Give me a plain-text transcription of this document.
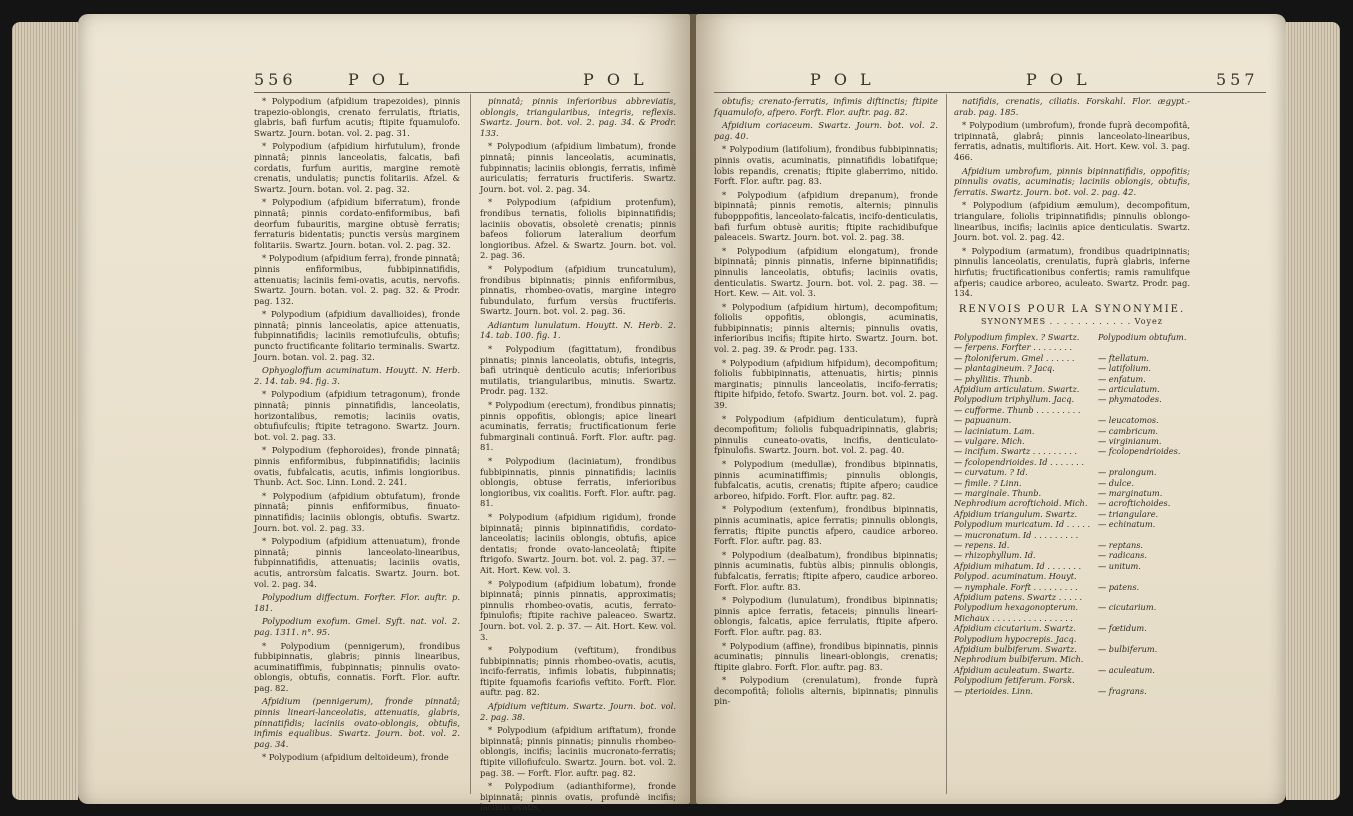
556	P O L	P O L

* Polypodium (afpidium trapezoides), pinnis trapezio-oblongis, crenato ferrulatis, ftriatis, glabris, bafi furfum acutis; ftipite fquamulofo. Swartz. Journ. botan. vol. 2. pag. 31.

* Polypodium (afpidium hirfutulum), fronde pinnatâ; pinnis lanceolatis, falcatis, bafi cordatis, furfum auritis, margine remotè crenatis, undulatis; punctis folitariis. Afzel. & Swartz. Journ. botan. vol. 2. pag. 32.

* Polypodium (afpidium biferratum), fronde pinnatâ; pinnis cordato-enfiformibus, bafi deorfum fubauritis, margine obtusè ferratis; ferraturis bidentatis; punctis versùs marginem folitariis. Swartz. Journ. botan. vol. 2. pag. 32.

* Polypodium (afpidium ferra), fronde pinnatâ; pinnis enfiformibus, fubbipinnatifidis, attenuatis; laciniis femi-ovatis, acutis, nervofis. Swartz. Journ. botan. vol. 2. pag. 32. & Prodr. pag. 132.

* Polypodium (afpidium davallioides), fronde pinnatâ; pinnis lanceolatis, apice attenuatis, fubpinnatifidis; laciniis remotiufculis, obtufis; puncto fructificante folitario terminalis. Swartz. Journ. botan. vol. 2. pag. 32.

Ophyogloffum acuminatum. Houytt. N. Herb. 2. 14. tab. 94. fig. 3.

* Polypodium (afpidium tetragonum), fronde pinnatâ; pinnis pinnatifidis, lanceolatis, horizontalibus, remotis; laciniis ovatis, obtufiufculis; ftipite tetragono. Swartz. Journ. bot. vol. 2. pag. 33.

* Polypodium (fephoroides), fronde pinnatâ; pinnis enfiformibus, fubpinnatifidis; laciniis ovatis, fubfalcatis, acutis, infimis longioribus. Thunb. Act. Soc. Linn. Lond. 2. 241.

* Polypodium (afpidium obtufatum), fronde pinnatâ; pinnis enfiformibus, finuato-pinnatifidis; laciniis oblongis, obtufis. Swartz. Journ. bot. vol. 2. pag. 33.

* Polypodium (afpidium attenuatum), fronde pinnatâ; pinnis lanceolato-linearibus, fubpinnatifidis, attenuatis; laciniis ovatis, acutis, antrorsùm falcatis. Swartz. Journ. bot. vol. 2. pag. 34.

Polypodium diffectum. Forfter. Flor. auftr. p. 181.

Polypodium exofum. Gmel. Syft. nat. vol. 2. pag. 1311. n°. 95.

* Polypodium (pennigerum), frondibus fubbipinnatis, glabris; pinnis linearibus, acuminatiffimis, fubpinnatis; pinnulis ovato-oblongis, obtufis, connatis. Forft. Flor. auftr. pag. 82.

Afpidium (pennigerum), fronde pinnatâ; pinnis lineari-lanceolatis, attenuatis, glabris, pinnatifidis; laciniis ovato-oblongis, obtufis, infimis equalibus. Swartz. Journ. bot. vol. 2. pag. 34.

* Polypodium (afpidium deltoideum), fronde

pinnatâ; pinnis inferioribus abbreviatis, oblongis, triangularibus, integris, reflexis. Swartz. Journ. bot. vol. 2. pag. 34. & Prodr. 133.

* Polypodium (afpidium limbatum), fronde pinnatâ; pinnis lanceolatis, acuminatis, fubpinnatis; laciniis oblongis, ferratis, infimè auriculatis; ferraturis fructiferis. Swartz. Journ. bot. vol. 2. pag. 34.

* Polypodium (afpidium protenfum), frondibus ternatis, foliolis bipinnatifidis; laciniis obovatis, obsoletè crenatis; pinnis bafeos foliorum lateralium deorfum longioribus. Afzel. & Swartz. Journ. bot. vol. 2. pag. 36.

* Polypodium (afpidium truncatulum), frondibus bipinnatis; pinnis enfiformibus, pinnatis, rhombeo-ovatis, margine integro fubundulato, furfum versùs fructiferis. Swartz. Journ. bot. vol. 2. pag. 36.

Adiantum lunulatum. Houytt. N. Herb. 2. 14. tab. 100. fig. 1.

* Polypodium (fagittatum), frondibus pinnatis; pinnis lanceolatis, obtufis, integris, bafi utrinquè denticulo acutis; inferioribus mutilatis, triangularibus, minutis. Swartz. Prodr. pag. 132.

* Polypodium (erectum), frondibus pinnatis; pinnis oppofitis, oblongis; apice lineari acuminatis, ferratis; fructificationum ferie fubmarginali continuâ. Forft. Flor. auftr. pag. 81.

* Polypodium (laciniatum), frondibus fubbipinnatis, pinnis pinnatifidis; laciniis oblongis, obtuse ferratis, inferioribus longioribus, vix coalitis. Forft. Flor. auftr. pag. 81.

* Polypodium (afpidium rigidum), fronde bipinnatâ; pinnis bipinnatifidis, cordato-lanceolatis; laciniis oblongis, obtufis, apice dentatis; fronde ovato-lanceolatâ; ftipite ftrigofo. Swartz. Journ. bot. vol. 2. pag. 37. — Ait. Hort. Kew. vol. 3.

* Polypodium (afpidium lobatum), fronde bipinnatâ; pinnis pinnatis, approximatis; pinnulis rhombeo-ovatis, acutis, ferrato-fpinulofis; ftipite rachive paleaceo. Swartz. Journ. bot. vol. 2. p. 37. — Ait. Hort. Kew. vol. 3.

* Polypodium (veftitum), frondibus fubbipinnatis; pinnis rhombeo-ovatis, acutis, incifo-ferratis, infimis lobatis, fubpinnatis; ftipite fquamofis fcariofis veftito. Forft. Flor. auftr. pag. 82.

Afpidium veftitum. Swartz. Journ. bot. vol. 2. pag. 38.

* Polypodium (afpidium ariftatum), fronde bipinnatâ; pinnis pinnatis; pinnulis rhombeo-oblongis, incifis; laciniis mucronato-ferratis; ftipite villofiufculo. Swartz. Journ. bot. vol. 2. pag. 38. — Forft. Flor. auftr. pag. 82.

* Polypodium (adianthiforme), fronde bipinnatâ; pinnis ovatis, profundè incifis; laciniis ovatis,

P O L	P O L	557

obtufis; crenato-ferratis, infimis diftinctis; ftipite fquamulofo, afpero. Forft. Flor. auftr. pag. 82.

Afpidium coriaceum. Swartz. Journ. bot. vol. 2. pag. 40.

* Polypodium (latifolium), frondibus fubbipinnatis; pinnis ovatis, acuminatis, pinnatifidis lobatifque; lobis repandis, crenatis; ftipite glaberrimo, nitido. Forft. Flor. auftr. pag. 83.

* Polypodium (afpidium drepanum), fronde bipinnatâ; pinnis remotis, alternis; pinnulis fubopppofitis, lanceolato-falcatis, incifo-denticulatis, bafi furfum obtusè auritis; ftipite rachidibufque paleaceis. Swartz. Journ. bot. vol. 2. pag. 38.

* Polypodium (afpidium elongatum), fronde bipinnatâ; pinnis pinnatis, inferne bipinnatifidis; pinnulis lanceolatis, obtufis; laciniis ovatis, denticulatis. Swartz. Journ. bot. vol. 2. pag. 38. — Hort. Kew. — Ait. vol. 3.

* Polypodium (afpidium hirtum), decompofitum; foliolis oppofitis, oblongis, acuminatis, fubbipinnatis; pinnis alternis; pinnulis ovatis, inferioribus incifis; ftipite hirto. Swartz. Journ. bot. vol. 2. pag. 39. & Prodr. pag. 133.

* Polypodium (afpidium hifpidum), decompofitum; foliolis fubbipinnatis, attenuatis, hirtis; pinnis marginatis; pinnulis lanceolatis, incifo-ferratis; ftipite hifpido, fetofo. Swartz. Journ. bot. vol. 2. pag. 39.

* Polypodium (afpidium denticulatum), fuprà decompofitum; foliolis fubquadripinnatis, glabris; pinnulis cuneato-ovatis, incifis, denticulato-fpinulofis. Swartz. Journ. bot. vol. 2. pag. 40.

* Polypodium (medullæ), frondibus bipinnatis, pinnis acuminatiffimis; pinnulis oblongis, fubfalcatis, acutis, crenatis; ftipite afpero; caudice arboreo, hifpido. Forft. Flor. auftr. pag. 82.

* Polypodium (extenfum), frondibus bipinnatis, pinnis acuminatis, apice ferratis; pinnulis oblongis, ferratis; ftipite punctis afpero, caudice arboreo. Forft. Flor. auftr. pag. 83.

* Polypodium (dealbatum), frondibus bipinnatis; pinnis acuminatis, fubtùs albis; pinnulis oblongis, fubfalcatis, ferratis; ftipite afpero, caudice arboreo. Forft. Flor. auftr. 83.

* Polypodium (lunulatum), frondibus bipinnatis; pinnis apice ferratis, fetaceis; pinnulis lineari-oblongis, falcatis, apice ferrulatis, ftipite afpero. Forft. Flor. auftr. pag. 83.

* Polypodium (affine), frondibus bipinnatis, pinnis acuminatis; pinnulis lineari-oblongis, crenatis; ftipite glabro. Forft. Flor. auftr. pag. 83.

* Polypodium (crenulatum), fronde fuprà decompofitâ; foliolis alternis, bipinnatis; pinnulis pin-

natifidis, crenatis, ciliatis. Forskahl. Flor. ægypt.-arab. pag. 185.

* Polypodium (umbrofum), fronde fuprà decompofitâ, tripinnatâ, glabrâ; pinnis lanceolato-linearibus, ferratis, adnatis, multifloris. Ait. Hort. Kew. vol. 3. pag. 466.

Afpidium umbrofum, pinnis bipinnatifidis, oppofitis; pinnulis ovatis, acuminatis; laciniis oblongis, obtufis, ferratis. Swartz. Journ. bot. vol. 2. pag. 42.

* Polypodium (afpidium æmulum), decompofitum, triangulare, foliolis tripinnatifidis; pinnulis oblongo-linearibus, incifis; laciniis apice denticulatis. Swartz. Journ. bot. vol. 2. pag. 42.

* Polypodium (armatum), frondibus quadripinnatis; pinnulis lanceolatis, crenulatis, fuprà glabris, inferne hirfutis; fructificationibus confertis; ramis ramulifque afperis; caudice arboreo, aculeato. Swartz. Prodr. pag. 134.

RENVOIS POUR LA SYNONYMIE.
SYNONYMES . . . . . . . . . . . . Voyez
Polypodium fimplex. ? Swartz.	Polypodium obtufum.
— ferpens. Forfter . . . . . . . .
— ftoloniferum. Gmel . . . . . .	— ftellatum.
— plantagineum. ? Jacq.	— latifolium.
— phyllitis. Thunb.	— enfatum.
Afpidium articulatum. Swartz.	— articulatum.
Polypodium triphyllum. Jacq.	— phymatodes.
— cufforme. Thunb . . . . . . . . .
— papuanum.	— leucatomos.
— laciniatum. Lam.	— cambricum.
— vulgare. Mich.	— virginianum.
— incifum. Swartz . . . . . . . . .	— fcolopendrioides.
— fcolopendrioides. Id . . . . . . .
— curvatum. ? Id.	— pralongum.
— fimile. ? Linn.	— dulce.
— marginale. Thunb.	— marginatum.
Nephrodium acroftichoid. Mich. — acroftichoides.
Afpidium triangulum. Swartz.	— triangulare.
Polypodium muricatum. Id . . . . . — echinatum.
— mucronatum. Id . . . . . . . . .
— repens. Id.	— reptans.
— rhizophyllum. Id.	— radicans.
Afpidium mihatum. Id . . . . . . . — unitum.
Polypod. acuminatum. Houyt.
— nymphale. Forft . . . . . . . . .	— patens.
Afpidium patens. Swartz . . . . .
Polypodium hexagonopterum.	— cicutarium.
Michaux . . . . . . . . . . . . . . . .
Afpidium cicutarium. Swartz.	— fœtidum.
Polypodium hypocrepis. Jacq.
Afpidium bulbiferum. Swartz.	— bulbiferum.
Nephrodium bulbiferum. Mich.
Afpidium aculeatum. Swartz.	— aculeatum.
Polypodium fetiferum. Forsk.
— pterioides. Linn.	— fragrans.
